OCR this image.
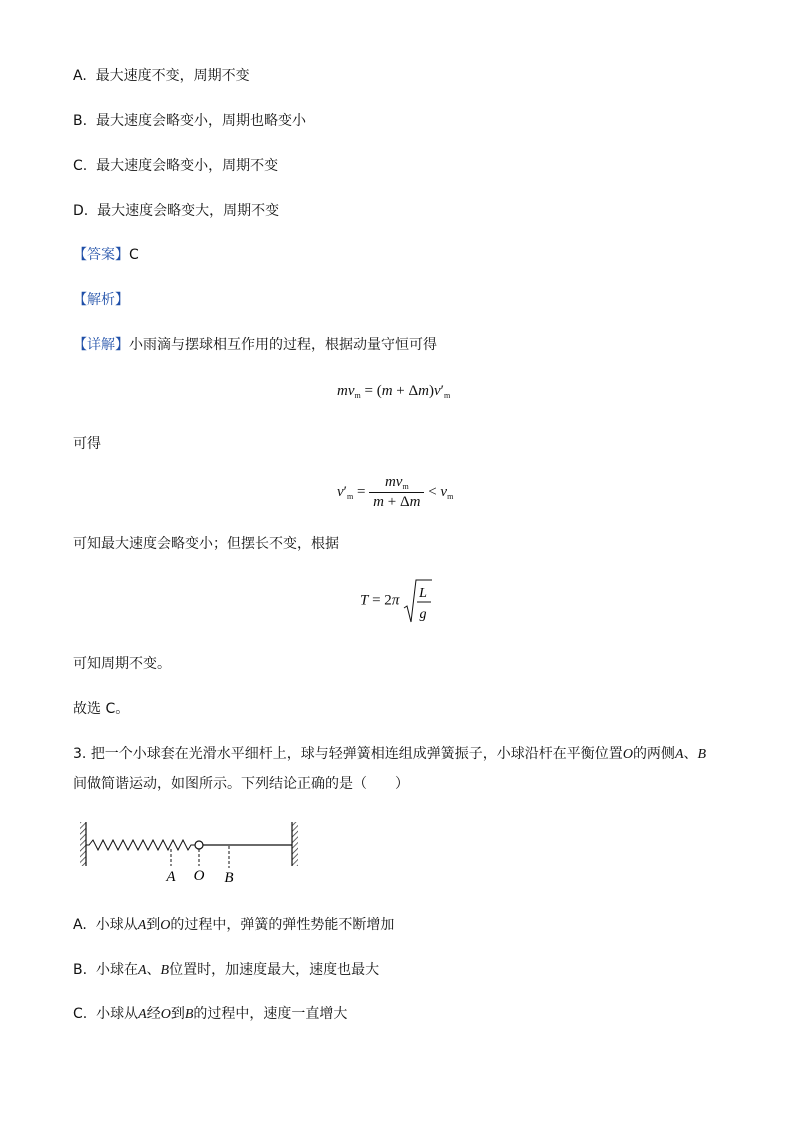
A. 最大速度不变，周期不变
B. 最大速度会略变小，周期也略变小
C. 最大速度会略变小，周期不变
D. 最大速度会略变大，周期不变
【答案】C
【解析】
【详解】小雨滴与摆球相互作用的过程，根据动量守恒可得
$mv_m = (m + \Delta m)v'_m$
可得
$v'_m = \frac{mv_m}{m + \Delta m} < v_m$
可知最大速度会略变小；但摆长不变，根据
T = 2π L
g
可知周期不变。
故选 C。
3. 把一个小球套在光滑水平细杆上，球与轻弹簧相连组成弹簧振子，小球沿杆在平衡位置O的两侧A、B
间做简谐运动，如图所示。下列结论正确的是（　　）
A O B
A. 小球从A到O的过程中，弹簧的弹性势能不断增加
B. 小球在A、B位置时，加速度最大，速度也最大
C. 小球从A经O到B的过程中，速度一直增大
